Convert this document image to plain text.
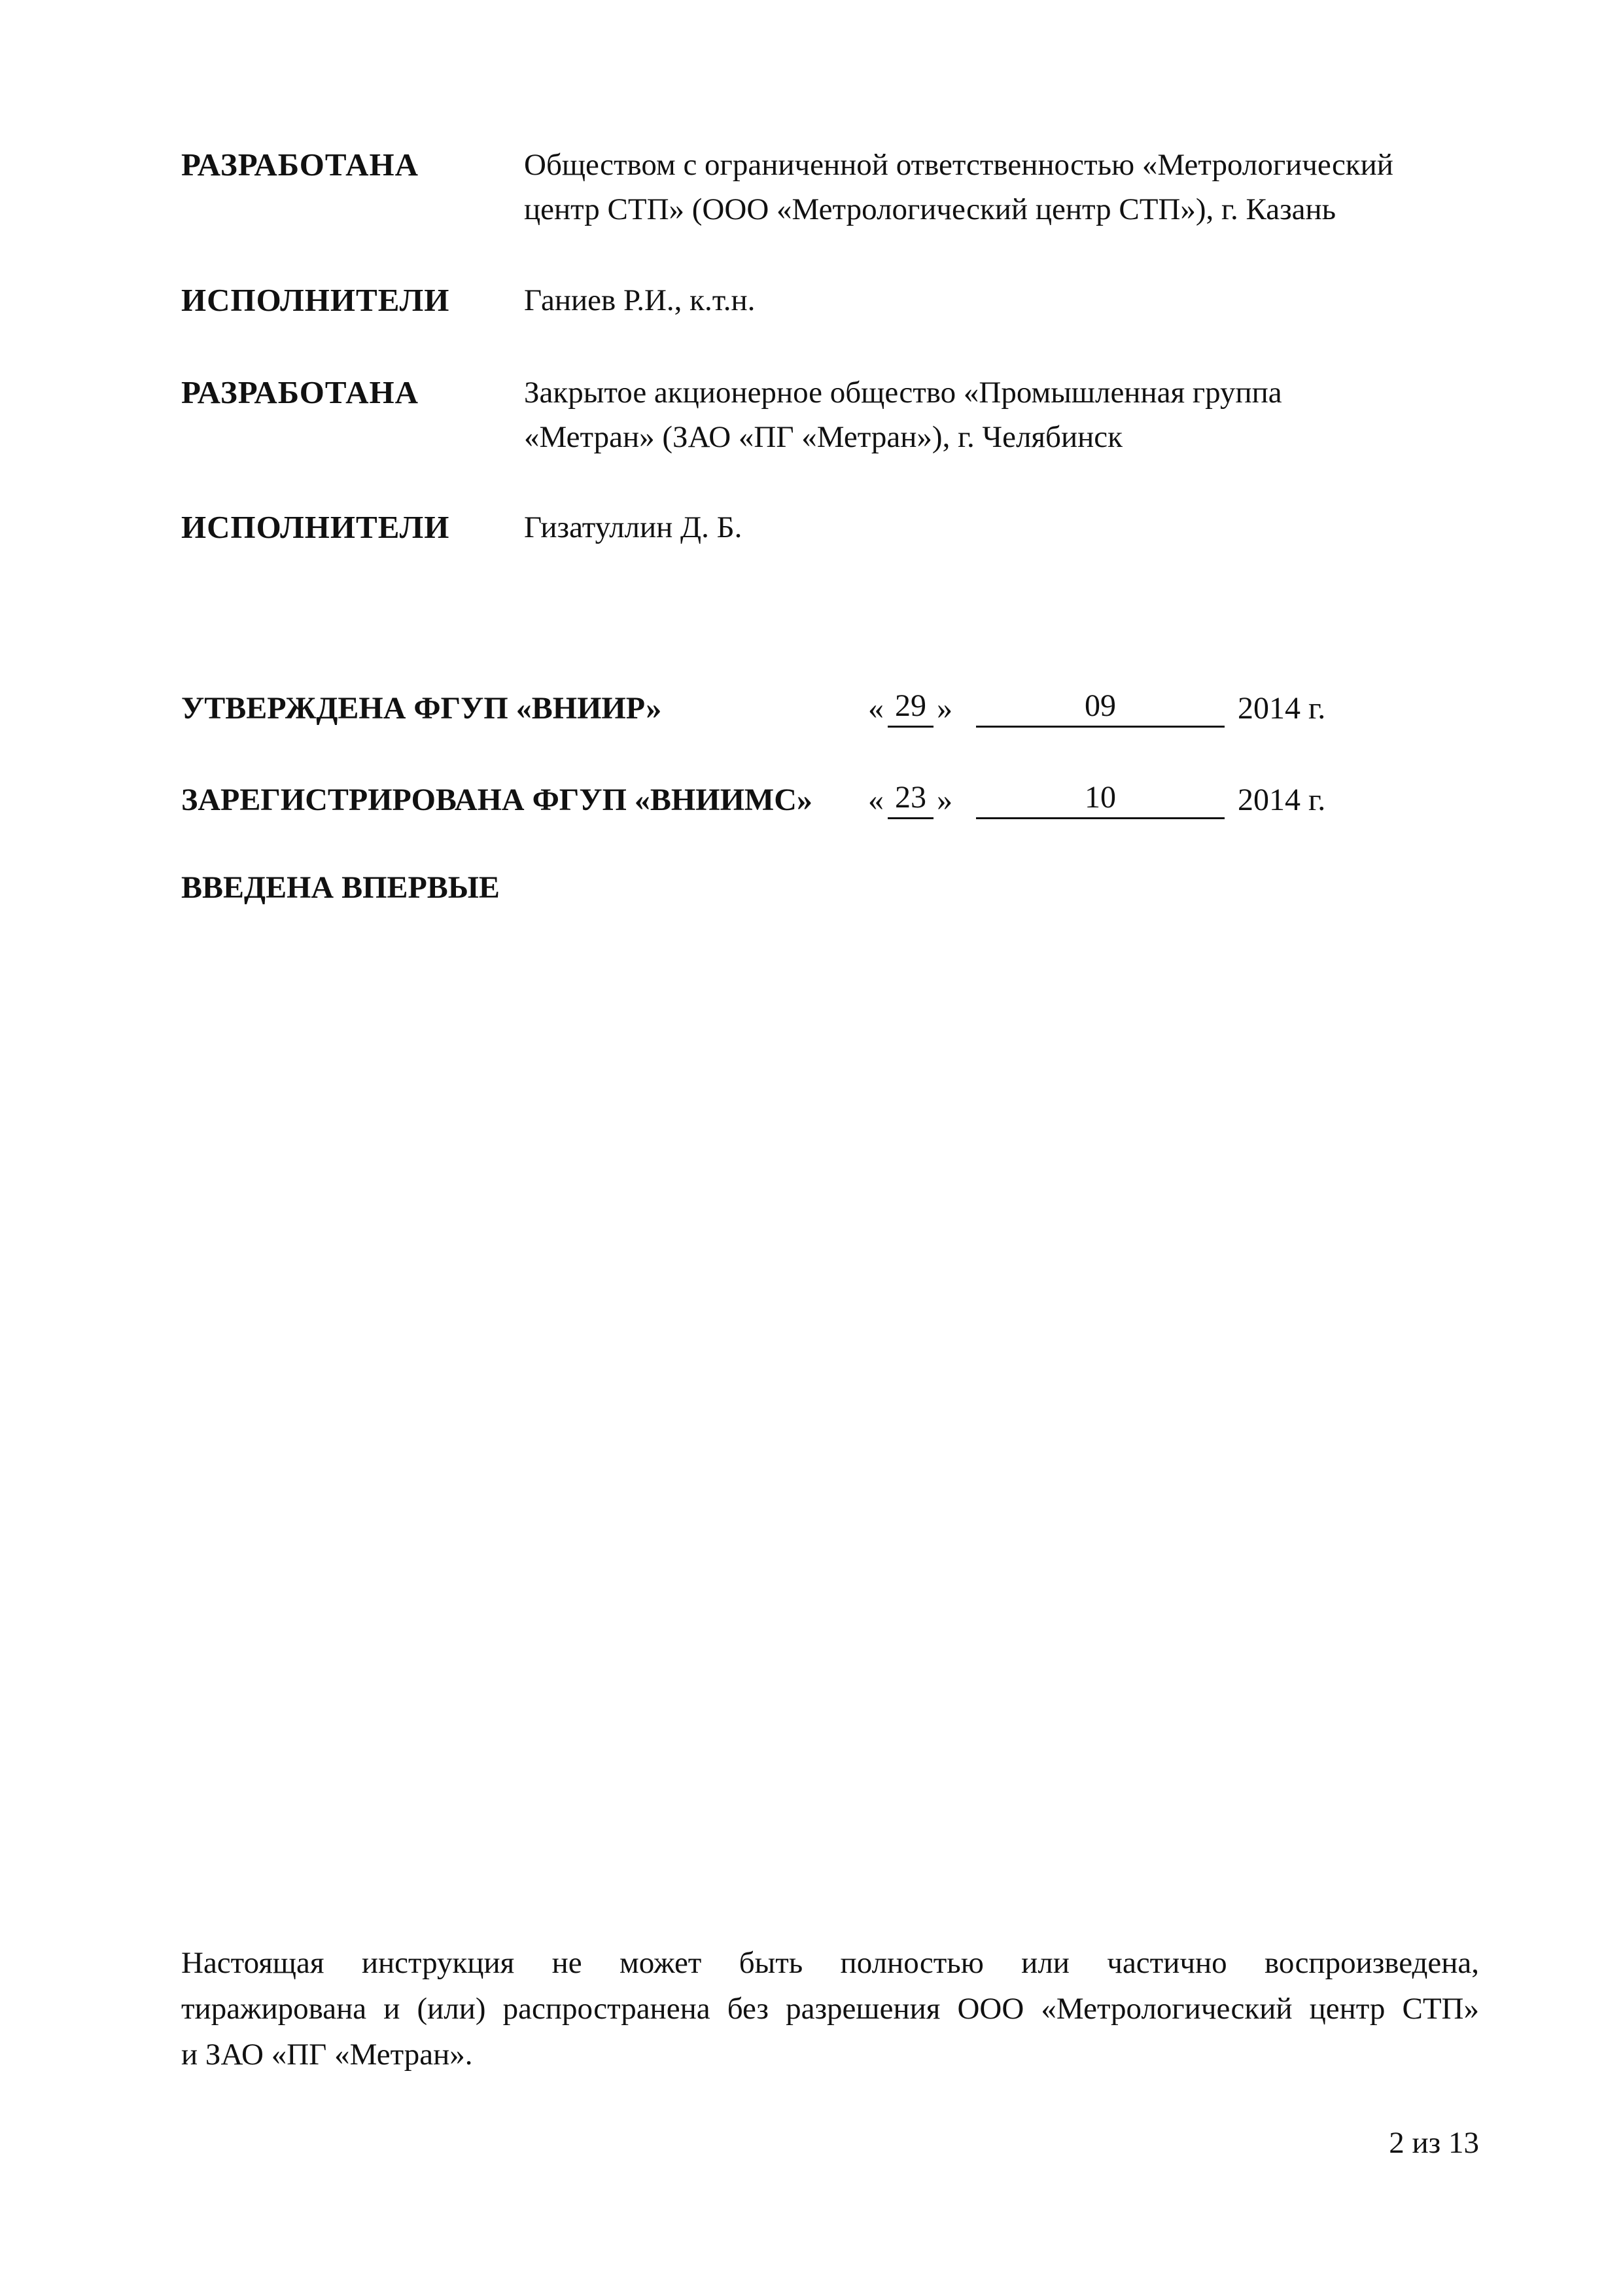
РАЗРАБОТАНА	Обществом с ограниченной ответственностью «Метрологический
центр СТП» (ООО «Метрологический центр СТП»), г. Казань
ИСПОЛНИТЕЛИ Ганиев Р.И., к.т.н.
РАЗРАБОТАНА	Закрытое акционерное общество «Промышленная группа
«Метран» (ЗАО «ПГ «Метран»), г. Челябинск
ИСПОЛНИТЕЛИ Гизатуллин Д. Б.
УТВЕРЖДЕНА ФГУП «ВНИИР»	« 29 »	09	2014 г.
ЗАРЕГИСТРИРОВАНА ФГУП «ВНИИМС» « 23 »	10	2014 г.
ВВЕДЕНА ВПЕРВЫЕ
Настоящая инструкция не может быть полностью или частично воспроизведена,
тиражирована и (или) распространена без разрешения ООО «Метрологический центр СТП»
и ЗАО «ПГ «Метран».
2 из 13
